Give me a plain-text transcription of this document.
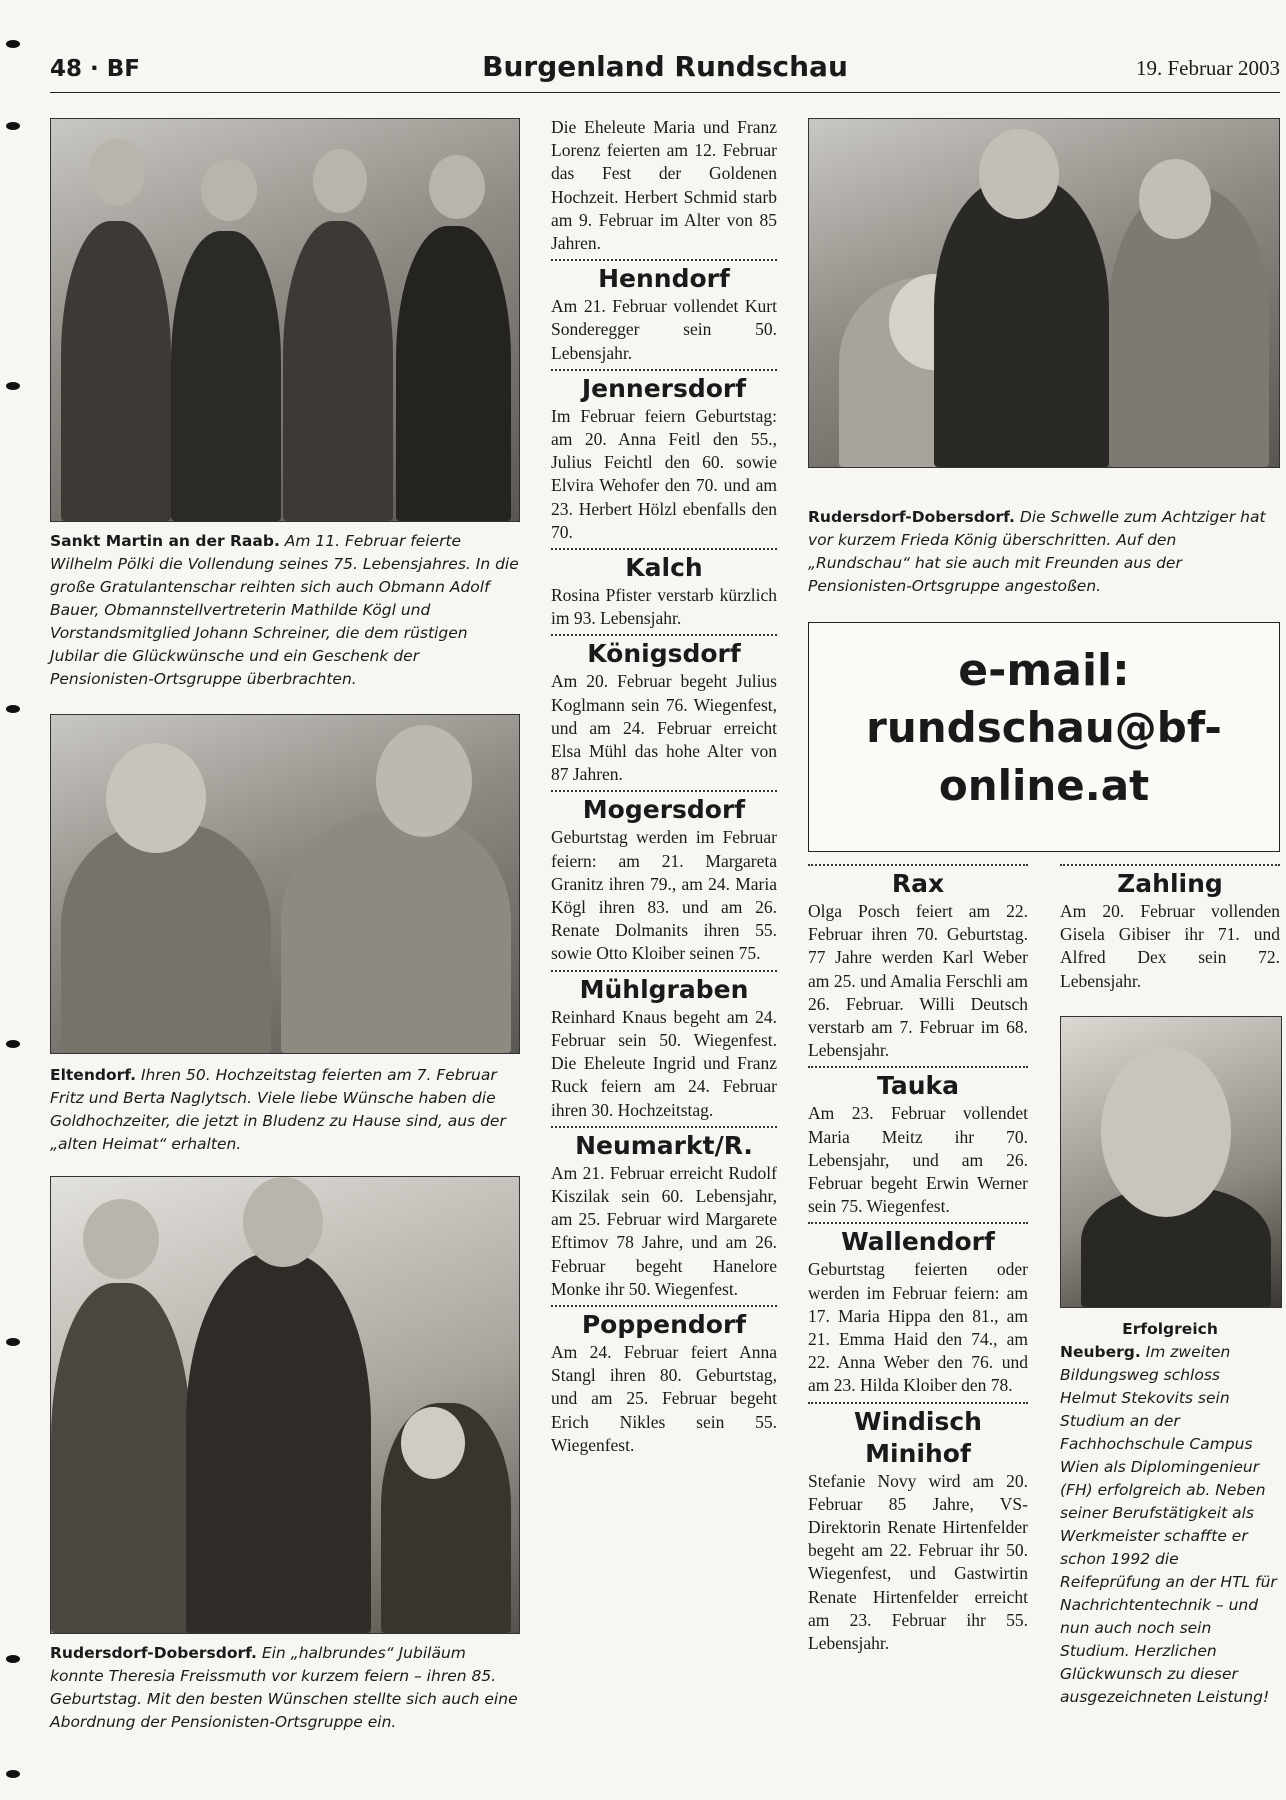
48 · BF	Burgenland Rundschau	19. Februar 2003

Sankt Martin an der Raab. Am 11. Februar feierte Wilhelm Pölki die Vollendung seines 75. Lebensjahres. In die große Gratulantenschar reihten sich auch Obmann Adolf Bauer, Obmannstellvertreterin Mathilde Kögl und Vorstandsmitglied Johann Schreiner, die dem rüstigen Jubilar die Glückwünsche und ein Geschenk der Pensionisten-Ortsgruppe überbrachten.

Eltendorf. Ihren 50. Hochzeitstag feierten am 7. Februar Fritz und Berta Naglytsch. Viele liebe Wünsche haben die Goldhochzeiter, die jetzt in Bludenz zu Hause sind, aus der „alten Heimat“ erhalten.

Rudersdorf-Dobersdorf. Ein „halbrundes“ Jubiläum konnte Theresia Freissmuth vor kurzem feiern – ihren 85. Geburtstag. Mit den besten Wünschen stellte sich auch eine Abordnung der Pensionisten-Ortsgruppe ein.

Die Eheleute Maria und Franz Lorenz feierten am 12. Februar das Fest der Goldenen Hochzeit. Herbert Schmid starb am 9. Februar im Alter von 85 Jahren.

Henndorf

Am 21. Februar vollendet Kurt Sonderegger sein 50. Lebensjahr.

Jennersdorf

Im Februar feiern Geburtstag: am 20. Anna Feitl den 55., Julius Feichtl den 60. sowie Elvira Wehofer den 70. und am 23. Herbert Hölzl ebenfalls den 70.

Kalch

Rosina Pfister verstarb kürzlich im 93. Lebensjahr.

Königsdorf

Am 20. Februar begeht Julius Koglmann sein 76. Wiegenfest, und am 24. Februar erreicht Elsa Mühl das hohe Alter von 87 Jahren.

Mogersdorf

Geburtstag werden im Februar feiern: am 21. Margareta Granitz ihren 79., am 24. Maria Kögl ihren 83. und am 26. Renate Dolmanits ihren 55. sowie Otto Kloiber seinen 75.

Mühlgraben

Reinhard Knaus begeht am 24. Februar sein 50. Wiegenfest. Die Eheleute Ingrid und Franz Ruck feiern am 24. Februar ihren 30. Hochzeitstag.

Neumarkt/R.

Am 21. Februar erreicht Rudolf Kiszilak sein 60. Lebensjahr, am 25. Februar wird Margarete Eftimov 78 Jahre, und am 26. Februar begeht Hanelore Monke ihr 50. Wiegenfest.

Poppendorf

Am 24. Februar feiert Anna Stangl ihren 80. Geburtstag, und am 25. Februar begeht Erich Nikles sein 55. Wiegenfest.

Rudersdorf-Dobersdorf. Die Schwelle zum Achtziger hat vor kurzem Frieda König überschritten. Auf den „Rundschau“ hat sie auch mit Freunden aus der Pensionisten-Ortsgruppe angestoßen.

e-mail:
rundschau@bf-online.at
Rax

Olga Posch feiert am 22. Februar ihren 70. Geburtstag. 77 Jahre werden Karl Weber am 25. und Amalia Ferschli am 26. Februar. Willi Deutsch verstarb am 7. Februar im 68. Lebensjahr.

Tauka

Am 23. Februar vollendet Maria Meitz ihr 70. Lebensjahr, und am 26. Februar begeht Erwin Werner sein 75. Wiegenfest.

Wallendorf

Geburtstag feierten oder werden im Februar feiern: am 17. Maria Hippa den 81., am 21. Emma Haid den 74., am 22. Anna Weber den 76. und am 23. Hilda Kloiber den 78.

Windisch Minihof

Stefanie Novy wird am 20. Februar 85 Jahre, VS-Direktorin Renate Hirtenfelder begeht am 22. Februar ihr 50. Wiegenfest, und Gastwirtin Renate Hirtenfelder erreicht am 23. Februar ihr 55. Lebensjahr.

Zahling

Am 20. Februar vollenden Gisela Gibiser ihr 71. und Alfred Dex sein 72. Lebensjahr.

Erfolgreich

Neuberg. Im zweiten Bildungsweg schloss Helmut Stekovits sein Studium an der Fachhochschule Campus Wien als Diplomingenieur (FH) erfolgreich ab. Neben seiner Berufstätigkeit als Werkmeister schaffte er schon 1992 die Reifeprüfung an der HTL für Nachrichtentechnik – und nun auch noch sein Studium. Herzlichen Glückwunsch zu dieser ausgezeichneten Leistung!
